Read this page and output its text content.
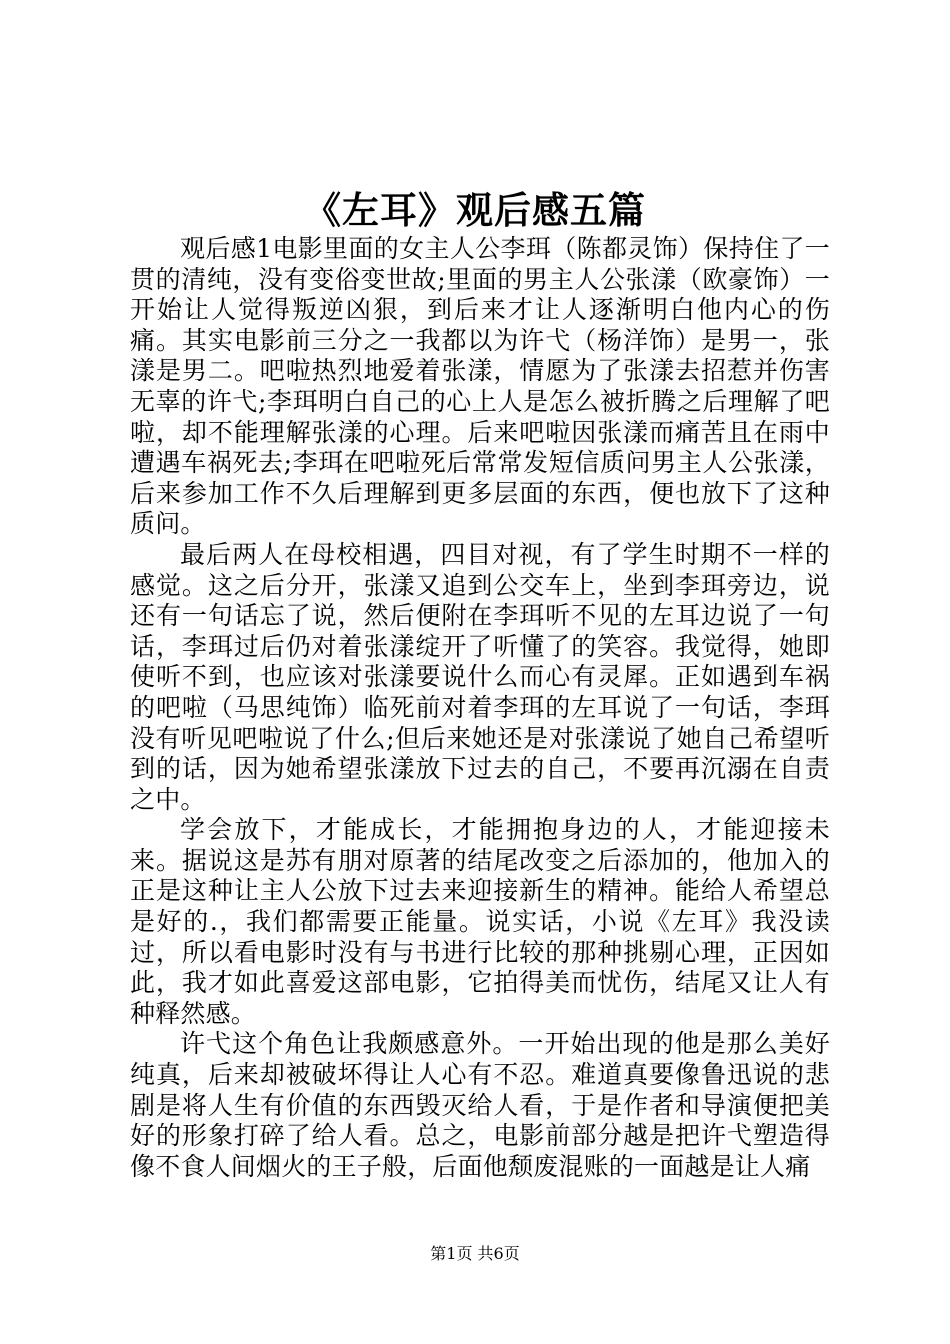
《左耳》观后感五篇

观后感1电影里面的女主人公李珥（陈都灵饰）保持住了一贯的清纯，没有变俗变世故;里面的男主人公张漾（欧豪饰）一开始让人觉得叛逆凶狠，到后来才让人逐渐明白他内心的伤痛。其实电影前三分之一我都以为许弋（杨洋饰）是男一，张漾是男二。吧啦热烈地爱着张漾，情愿为了张漾去招惹并伤害无辜的许弋;李珥明白自己的心上人是怎么被折腾之后理解了吧啦，却不能理解张漾的心理。后来吧啦因张漾而痛苦且在雨中遭遇车祸死去;李珥在吧啦死后常常发短信质问男主人公张漾，后来参加工作不久后理解到更多层面的东西，便也放下了这种质问。

最后两人在母校相遇，四目对视，有了学生时期不一样的感觉。这之后分开，张漾又追到公交车上，坐到李珥旁边，说还有一句话忘了说，然后便附在李珥听不见的左耳边说了一句话，李珥过后仍对着张漾绽开了听懂了的笑容。我觉得，她即使听不到，也应该对张漾要说什么而心有灵犀。正如遇到车祸的吧啦（马思纯饰）临死前对着李珥的左耳说了一句话，李珥没有听见吧啦说了什么;但后来她还是对张漾说了她自己希望听到的话，因为她希望张漾放下过去的自己，不要再沉溺在自责之中。

学会放下，才能成长，才能拥抱身边的人，才能迎接未来。据说这是苏有朋对原著的结尾改变之后添加的，他加入的正是这种让主人公放下过去来迎接新生的精神。能给人希望总是好的.，我们都需要正能量。说实话，小说《左耳》我没读过，所以看电影时没有与书进行比较的那种挑剔心理，正因如此，我才如此喜爱这部电影，它拍得美而忧伤，结尾又让人有种释然感。

许弋这个角色让我颇感意外。一开始出现的他是那么美好纯真，后来却被破坏得让人心有不忍。难道真要像鲁迅说的悲剧是将人生有价值的东西毁灭给人看，于是作者和导演便把美好的形象打碎了给人看。总之，电影前部分越是把许弋塑造得像不食人间烟火的王子般，后面他颓废混账的一面越是让人痛

第1页 共6页
